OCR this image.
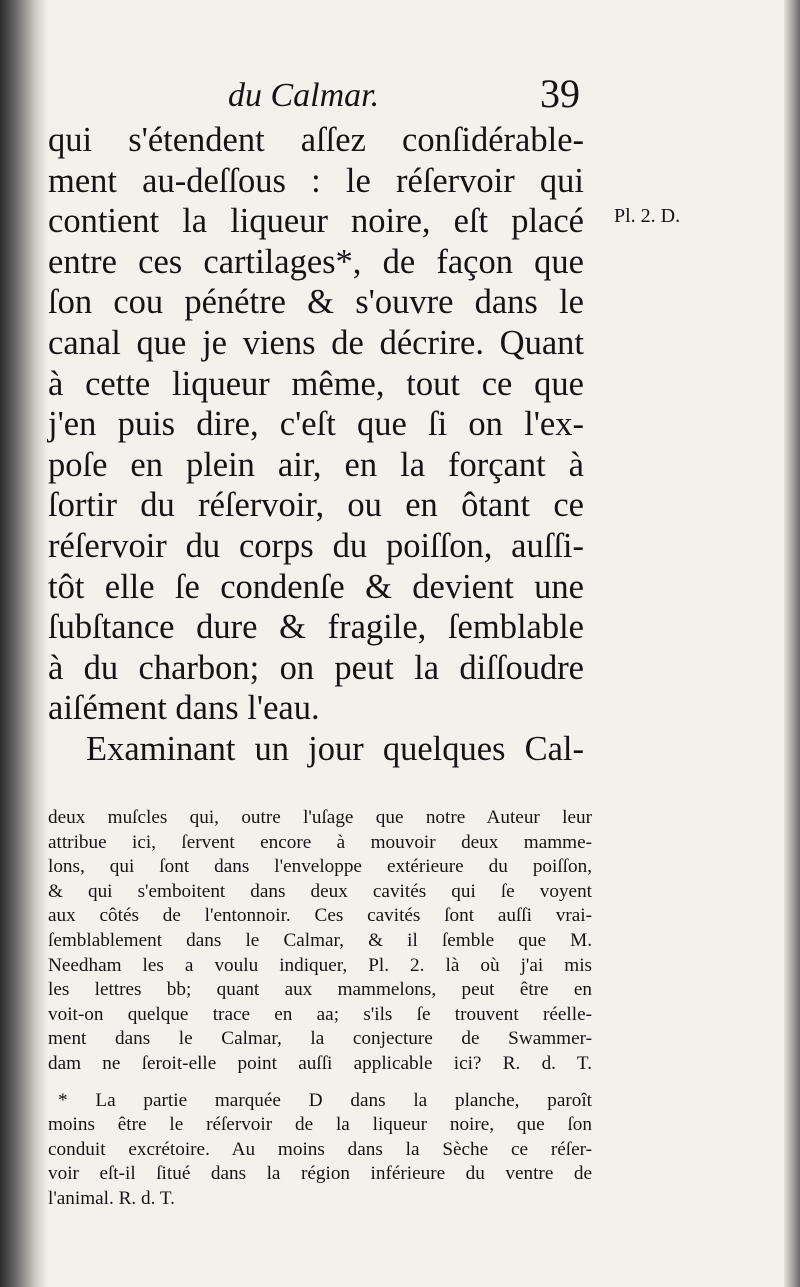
du Calmar.	39
Pl. 2. D.
qui s'étendent aſſez conſidérable-
ment au-deſſous : le réſervoir qui
contient la liqueur noire, eſt placé
entre ces cartilages*, de façon que
ſon cou pénétre & s'ouvre dans le
canal que je viens de décrire. Quant
à cette liqueur même, tout ce que
j'en puis dire, c'eſt que ſi on l'ex-
poſe en plein air, en la forçant à
ſortir du réſervoir, ou en ôtant ce
réſervoir du corps du poiſſon, auſſi-
tôt elle ſe condenſe & devient une
ſubſtance dure & fragile, ſemblable
à du charbon; on peut la diſſoudre
aiſément dans l'eau.
Examinant un jour quelques Cal-
deux muſcles qui, outre l'uſage que notre Auteur leur
attribue ici, ſervent encore à mouvoir deux mamme-
lons, qui ſont dans l'enveloppe extérieure du poiſſon,
& qui s'emboitent dans deux cavités qui ſe voyent
aux côtés de l'entonnoir. Ces cavités ſont auſſi vrai-
ſemblablement dans le Calmar, & il ſemble que M.
Needham les a voulu indiquer, Pl. 2. là où j'ai mis
les lettres bb; quant aux mammelons, peut être en
voit-on quelque trace en aa; s'ils ſe trouvent réelle-
ment dans le Calmar, la conjecture de Swammer-
dam ne ſeroit-elle point auſſi applicable ici? R. d. T.
* La partie marquée D dans la planche, paroît
moins être le réſervoir de la liqueur noire, que ſon
conduit excrétoire. Au moins dans la Sèche ce réſer-
voir eſt-il ſitué dans la région inférieure du ventre de
l'animal. R. d. T.
